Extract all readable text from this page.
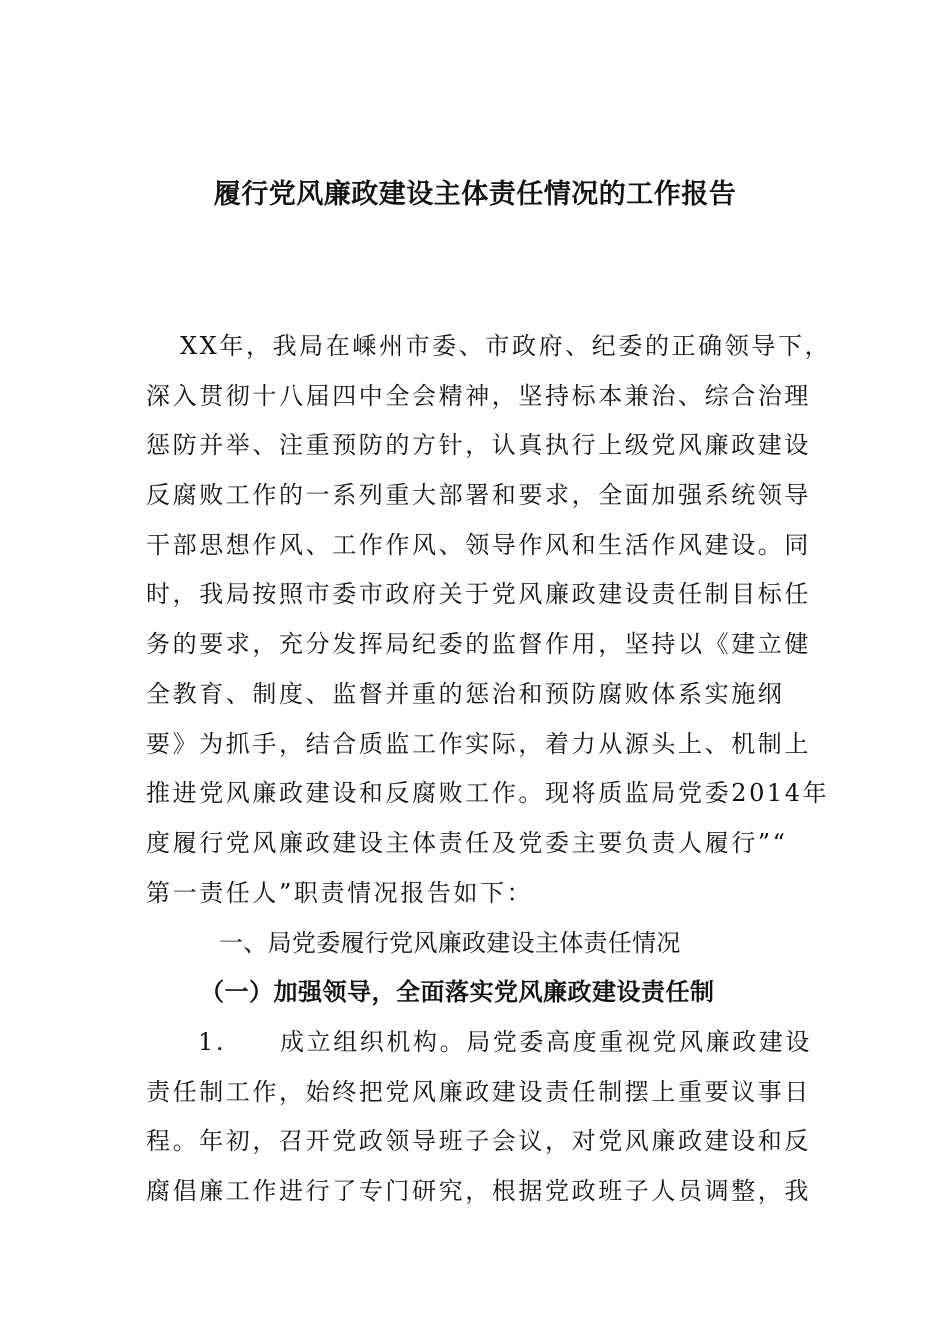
履行党风廉政建设主体责任情况的工作报告
XX年，我局在嵊州市委、市政府、纪委的正确领导下，
深入贯彻十八届四中全会精神，坚持标本兼治、综合治理
惩防并举、注重预防的方针，认真执行上级党风廉政建设
反腐败工作的一系列重大部署和要求，全面加强系统领导
干部思想作风、工作作风、领导作风和生活作风建设。同
时，我局按照市委市政府关于党风廉政建设责任制目标任
务的要求，充分发挥局纪委的监督作用，坚持以《建立健
全教育、制度、监督并重的惩治和预防腐败体系实施纲
要》为抓手，结合质监工作实际，着力从源头上、机制上
推进党风廉政建设和反腐败工作。现将质监局党委2014年
度履行党风廉政建设主体责任及党委主要负责人履行”“
第一责任人”职责情况报告如下：
一、局党委履行党风廉政建设主体责任情况
（一）加强领导，全面落实党风廉政建设责任制
1. 成立组织机构。局党委高度重视党风廉政建设
责任制工作，始终把党风廉政建设责任制摆上重要议事日
程。年初，召开党政领导班子会议，对党风廉政建设和反
腐倡廉工作进行了专门研究，根据党政班子人员调整，我
